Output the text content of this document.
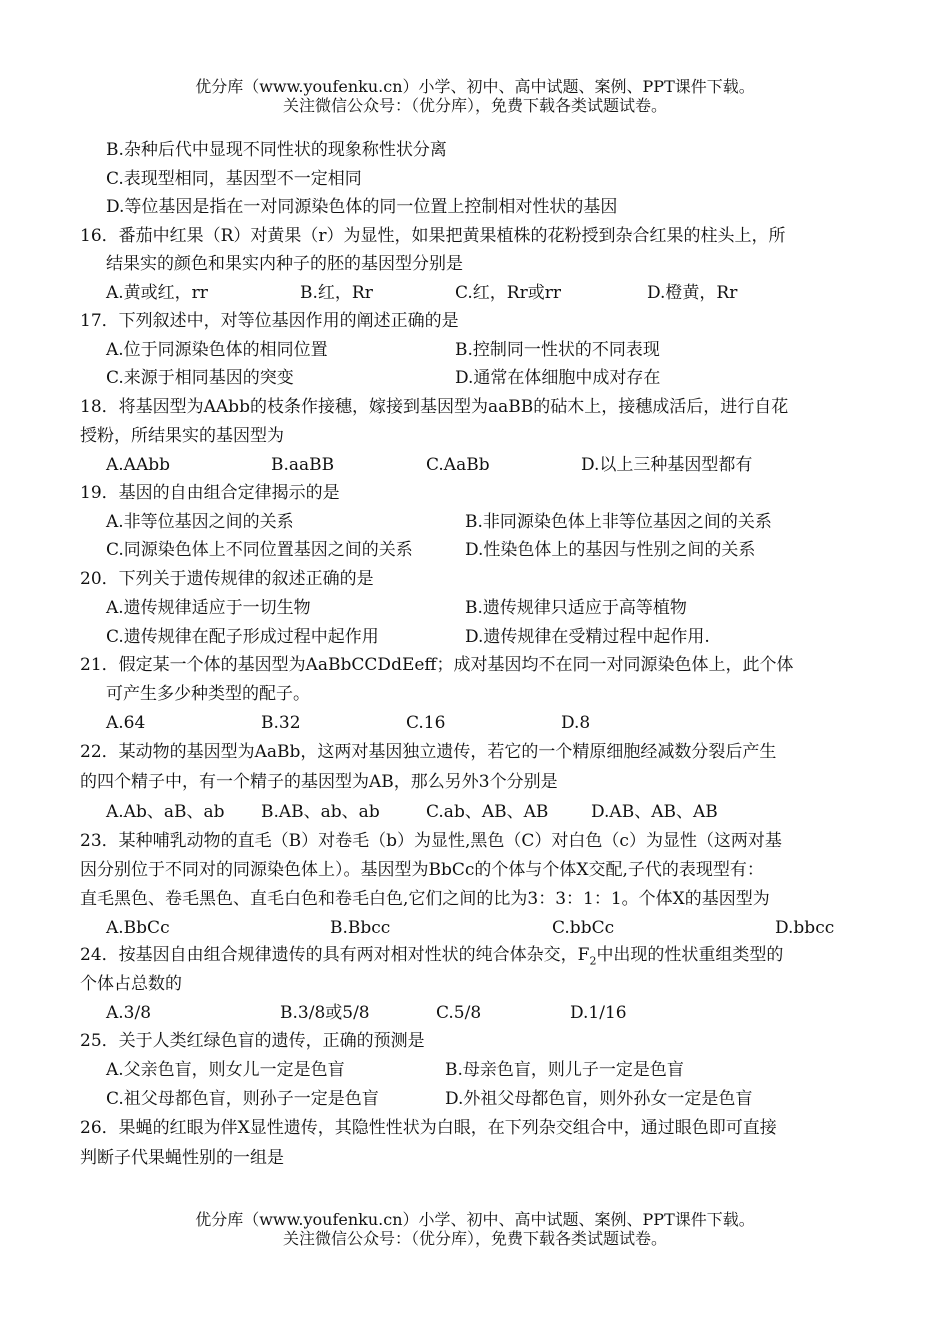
优分库（www.youfenku.cn）小学、初中、高中试题、案例、PPT课件下载。
关注微信公众号：（优分库），免费下载各类试题试卷。
B.杂种后代中显现不同性状的现象称性状分离
C.表现型相同，基因型不一定相同
D.等位基因是指在一对同源染色体的同一位置上控制相对性状的基因
16．番茄中红果（R）对黄果（r）为显性，如果把黄果植株的花粉授到杂合红果的柱头上，所
结果实的颜色和果实内种子的胚的基因型分别是
A.黄或红，rr	B.红，Rr	C.红，Rr或rr	D.橙黄，Rr
17．下列叙述中，对等位基因作用的阐述正确的是
A.位于同源染色体的相同位置	B.控制同一性状的不同表现
C.来源于相同基因的突变	D.通常在体细胞中成对存在
18．将基因型为AAbb的枝条作接穗，嫁接到基因型为aaBB的砧木上，接穗成活后，进行自花
授粉，所结果实的基因型为
A.AAbb	B.aaBB	C.AaBb	D.以上三种基因型都有
19．基因的自由组合定律揭示的是
A.非等位基因之间的关系	B.非同源染色体上非等位基因之间的关系
C.同源染色体上不同位置基因之间的关系	D.性染色体上的基因与性别之间的关系
20．下列关于遗传规律的叙述正确的是
A.遗传规律适应于一切生物	B.遗传规律只适应于高等植物
C.遗传规律在配子形成过程中起作用	D.遗传规律在受精过程中起作用.
21．假定某一个体的基因型为AaBbCCDdEeff；成对基因均不在同一对同源染色体上，此个体
可产生多少种类型的配子。
A.64	B.32	C.16	D.8
22．某动物的基因型为AaBb，这两对基因独立遗传，若它的一个精原细胞经减数分裂后产生
的四个精子中，有一个精子的基因型为AB，那么另外3个分别是
A.Ab、aB、ab B.AB、ab、ab	C.ab、AB、AB	D.AB、AB、AB
23．某种哺乳动物的直毛（B）对卷毛（b）为显性,黑色（C）对白色（c）为显性（这两对基
因分别位于不同对的同源染色体上）。基因型为BbCc的个体与个体X交配,子代的表现型有：
直毛黑色、卷毛黑色、直毛白色和卷毛白色,它们之间的比为3：3：1：1。个体X的基因型为
A.BbCc	B.Bbcc	C.bbCc	D.bbcc
24．按基因自由组合规律遗传的具有两对相对性状的纯合体杂交，$F_2$中出现的性状重组类型的
个体占总数的
A.3/8	B.3/8或5/8	C.5/8	D.1/16
25．关于人类红绿色盲的遗传，正确的预测是
A.父亲色盲，则女儿一定是色盲	B.母亲色盲，则儿子一定是色盲
C.祖父母都色盲，则孙子一定是色盲	D.外祖父母都色盲，则外孙女一定是色盲
26．果蝇的红眼为伴X显性遗传，其隐性性状为白眼，在下列杂交组合中，通过眼色即可直接
判断子代果蝇性别的一组是
优分库（www.youfenku.cn）小学、初中、高中试题、案例、PPT课件下载。
关注微信公众号：（优分库），免费下载各类试题试卷。
